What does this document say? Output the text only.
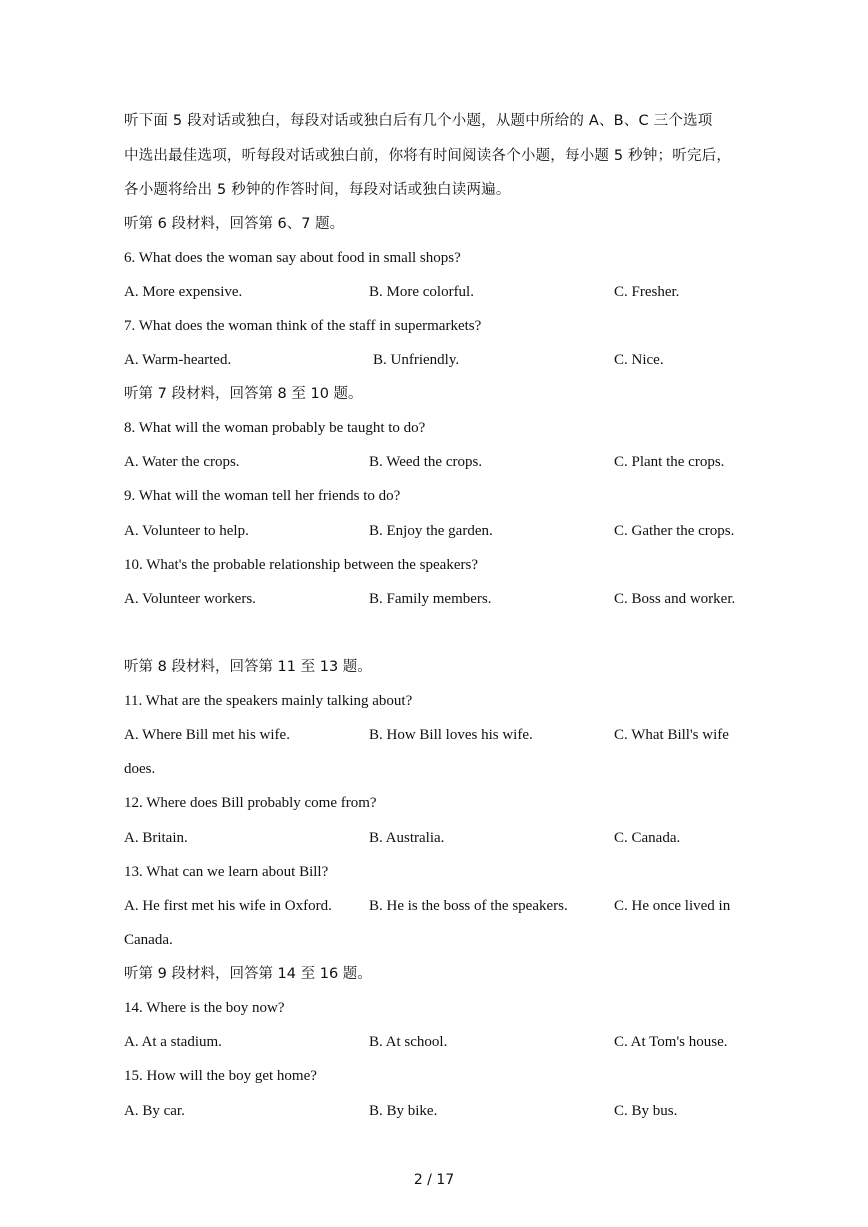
听下面 5 段对话或独白，每段对话或独白后有几个小题，从题中所给的 A、B、C 三个选项
中选出最佳选项，听每段对话或独白前，你将有时间阅读各个小题，每小题 5 秒钟；听完后，
各小题将给出 5 秒钟的作答时间，每段对话或独白读两遍。
听第 6 段材料，回答第 6、7 题。
6. What does the woman say about food in small shops?
A. More expensive.	B. More colorful.	C. Fresher.
7. What does the woman think of the staff in supermarkets?
A. Warm-hearted.	B. Unfriendly.	C. Nice.
听第 7 段材料，回答第 8 至 10 题。
8. What will the woman probably be taught to do?
A. Water the crops.	B. Weed the crops.	C. Plant the crops.
9. What will the woman tell her friends to do?
A. Volunteer to help.	B. Enjoy the garden.	C. Gather the crops.
10. What's the probable relationship between the speakers?
A. Volunteer workers.	B. Family members.	C. Boss and worker.
听第 8 段材料，回答第 11 至 13 题。
11. What are the speakers mainly talking about?
A. Where Bill met his wife.	B. How Bill loves his wife.	C. What Bill's wife
does.
12. Where does Bill probably come from?
A. Britain.	B. Australia.	C. Canada.
13. What can we learn about Bill?
A. He first met his wife in Oxford. B. He is the boss of the speakers.	C. He once lived in
Canada.
听第 9 段材料，回答第 14 至 16 题。
14. Where is the boy now?
A. At a stadium.	B. At school.	C. At Tom's house.
15. How will the boy get home?
A. By car.	B. By bike.	C. By bus.
2 / 17
